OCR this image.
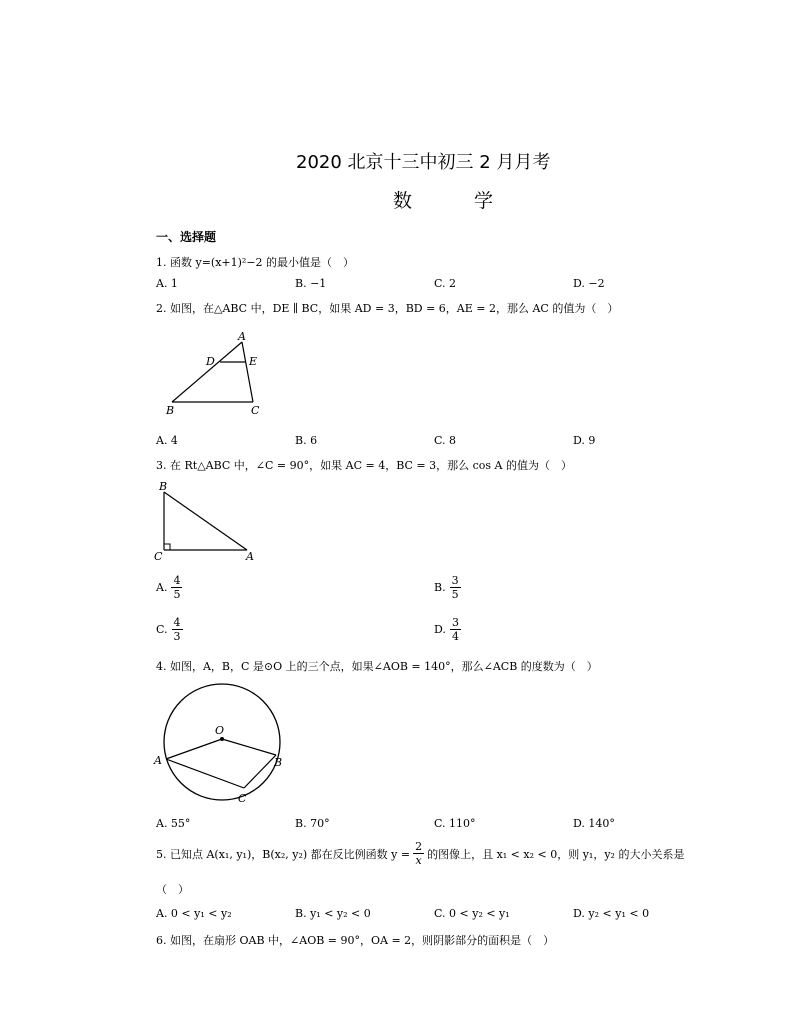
2020 北京十三中初三 2 月月考
数 学
一、选择题
1. 函数 y=(x+1)²−2 的最小值是（　）
A. 1	B. −1	C. 2	D. −2
2. 如图，在△ABC 中，DE ∥ BC，如果 AD = 3，BD = 6，AE = 2，那么 AC 的值为（　）
A
D	E
B	C
A. 4	B. 6	C. 8	D. 9
3. 在 Rt△ABC 中，∠C = 90°，如果 AC = 4，BC = 3，那么 cos A 的值为（　）
B
C	A
A. $\frac{4}{5}$	B. $\frac{3}{5}$
C. $\frac{4}{3}$	D. $\frac{3}{4}$
4. 如图，A，B，C 是⊙O 上的三个点，如果∠AOB = 140°，那么∠ACB 的度数为（　）
O
A	B
C
A. 55°	B. 70°	C. 110°	D. 140°
5. 已知点 A(x₁, y₁)，B(x₂, y₂) 都在反比例函数 $y = \frac{2}{x}$ 的图像上，且 x₁ < x₂ < 0，则 y₁，y₂ 的大小关系是
（　）
A. 0 < y₁ < y₂	B. y₁ < y₂ < 0	C. 0 < y₂ < y₁	D. y₂ < y₁ < 0
6. 如图，在扇形 OAB 中，∠AOB = 90°，OA = 2，则阴影部分的面积是（　）
